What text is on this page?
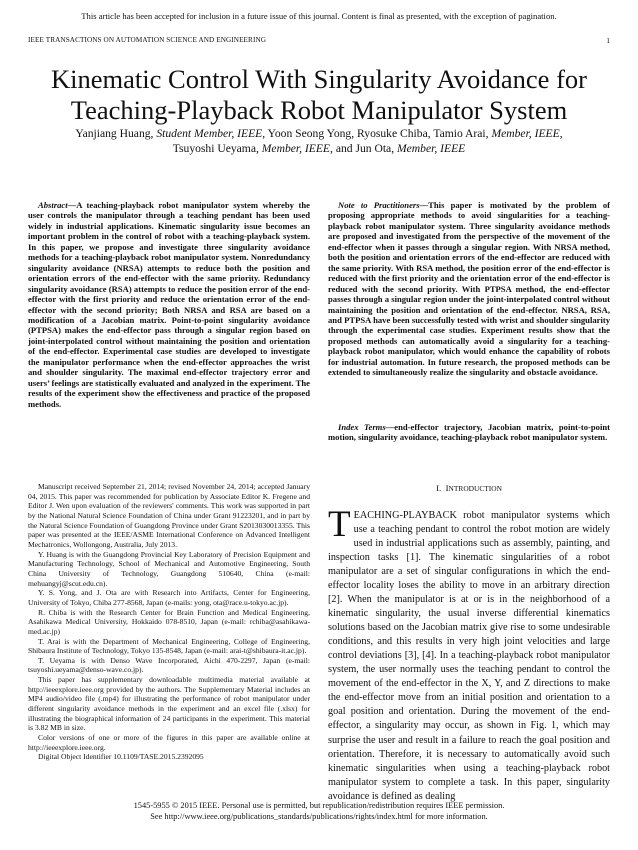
This article has been accepted for inclusion in a future issue of this journal. Content is final as presented, with the exception of pagination.
IEEE TRANSACTIONS ON AUTOMATION SCIENCE AND ENGINEERING	1
Kinematic Control With Singularity Avoidance for
Teaching-Playback Robot Manipulator System
Yanjiang Huang, Student Member, IEEE, Yoon Seong Yong, Ryosuke Chiba, Tamio Arai, Member, IEEE,
Tsuyoshi Ueyama, Member, IEEE, and Jun Ota, Member, IEEE
Abstract—A teaching-playback robot manipulator system whereby the user controls the manipulator through a teaching pendant has been used widely in industrial applications. Kinematic singularity issue becomes an important problem in the control of robot with a teaching-playback system. In this paper, we propose and investigate three singularity avoidance methods for a teaching-playback robot manipulator system. Nonredundancy singularity avoidance (NRSA) attempts to reduce both the position and orientation errors of the end-effector with the same priority. Redundancy singularity avoidance (RSA) attempts to reduce the position error of the end-effector with the first priority and reduce the orientation error of the end-effector with the second priority; Both NRSA and RSA are based on a modification of a Jacobian matrix. Point-to-point singularity avoidance (PTPSA) makes the end-effector pass through a singular region based on joint-interpolated control without maintaining the position and orientation of the end-effector. Experimental case studies are developed to investigate the manipulator performance when the end-effector approaches the wrist and shoulder singularity. The maximal end-effector trajectory error and users’ feelings are statistically evaluated and analyzed in the experiment. The results of the experiment show the effectiveness and practice of the proposed methods.

Manuscript received September 21, 2014; revised November 24, 2014; accepted January 04, 2015. This paper was recommended for publication by Associate Editor K. Fregene and Editor J. Wen upon evaluation of the reviewers' comments. This work was supported in part by the National Natural Science Foundation of China under Grant 91223201, and in part by the Natural Science Foundation of Guangdong Province under Grant S2013030013355. This paper was presented at the IEEE/ASME International Conference on Advanced Intelligent Mechatronics, Wollongong, Australia, July 2013.

Y. Huang is with the Guangdong Provincial Key Laboratory of Precision Equipment and Manufacturing Technology, School of Mechanical and Automotive Engineering, South China University of Technology, Guangdong 510640, China (e-mail: mehuangyj@scut.edu.cn).

Y. S. Yong, and J. Ota are with Research into Artifacts, Center for Engineering, University of Tokyo, Chiba 277-8568, Japan (e-mails: yong, ota@race.u-tokyo.ac.jp).

R. Chiba is with the Research Center for Brain Function and Medical Engineering, Asahikawa Medical University, Hokkaido 078-8510, Japan (e-mail: rchiba@asahikawa-med.ac.jp)

T. Arai is with the Department of Mechanical Engineering, College of Engineering, Shibaura Institute of Technology, Tokyo 135-8548, Japan (e-mail: arai-t@shibaura-it.ac.jp).

T. Ueyama is with Denso Wave Incorporated, Aichi 470-2297, Japan (e-mail: tsuyoshi.ueyama@denso-wave.co.jp).

This paper has supplementary downloadable multimedia material available at http://ieeexplore.ieee.org provided by the authors. The Supplementary Material includes an MP4 audio/video file (.mp4) for illustrating the performance of robot manipulator under different singularity avoidance methods in the experiment and an excel file (.xlsx) for illustrating the biographical information of 24 participants in the experiment. This material is 3.82 MB in size.

Color versions of one or more of the figures in this paper are available online at http://ieeexplore.ieee.org.

Digital Object Identifier 10.1109/TASE.2015.2392095

Note to Practitioners—This paper is motivated by the problem of proposing appropriate methods to avoid singularities for a teaching-playback robot manipulator system. Three singularity avoidance methods are proposed and investigated from the perspective of the movement of the end-effector when it passes through a singular region. With NRSA method, both the position and orientation errors of the end-effector are reduced with the same priority. With RSA method, the position error of the end-effector is reduced with the first priority and the orientation error of the end-effector is reduced with the second priority. With PTPSA method, the end-effector passes through a singular region under the joint-interpolated control without maintaining the position and orientation of the end-effector. NRSA, RSA, and PTPSA have been successfully tested with wrist and shoulder singularity through the experimental case studies. Experiment results show that the proposed methods can automatically avoid a singularity for a teaching-playback robot manipulator, which would enhance the capability of robots for industrial automation. In future research, the proposed methods can be extended to simultaneously realize the singularity and obstacle avoidance.
Index Terms—end-effector trajectory, Jacobian matrix, point-to-point motion, singularity avoidance, teaching-playback robot manipulator system.
I. INTRODUCTION
TEACHING-PLAYBACK robot manipulator systems which use a teaching pendant to control the robot motion are widely used in industrial applications such as assembly, painting, and inspection tasks [1]. The kinematic singularities of a robot manipulator are a set of singular configurations in which the end-effector locality loses the ability to move in an arbitrary direction [2]. When the manipulator is at or is in the neighborhood of a kinematic singularity, the usual inverse differential kinematics solutions based on the Jacobian matrix give rise to some undesirable conditions, and this results in very high joint velocities and large control deviations [3], [4]. In a teaching-playback robot manipulator system, the user normally uses the teaching pendant to control the movement of the end-effector in the X, Y, and Z directions to make the end-effector move from an initial position and orientation to a goal position and orientation. During the movement of the end-effector, a singularity may occur, as shown in Fig. 1, which may surprise the user and result in a failure to reach the goal position and orientation. Therefore, it is necessary to automatically avoid such kinematic singularities when using a teaching-playback robot manipulator system to complete a task. In this paper, singularity avoidance is defined as dealing
1545-5955 © 2015 IEEE. Personal use is permitted, but republication/redistribution requires IEEE permission.
See http://www.ieee.org/publications_standards/publications/rights/index.html for more information.
